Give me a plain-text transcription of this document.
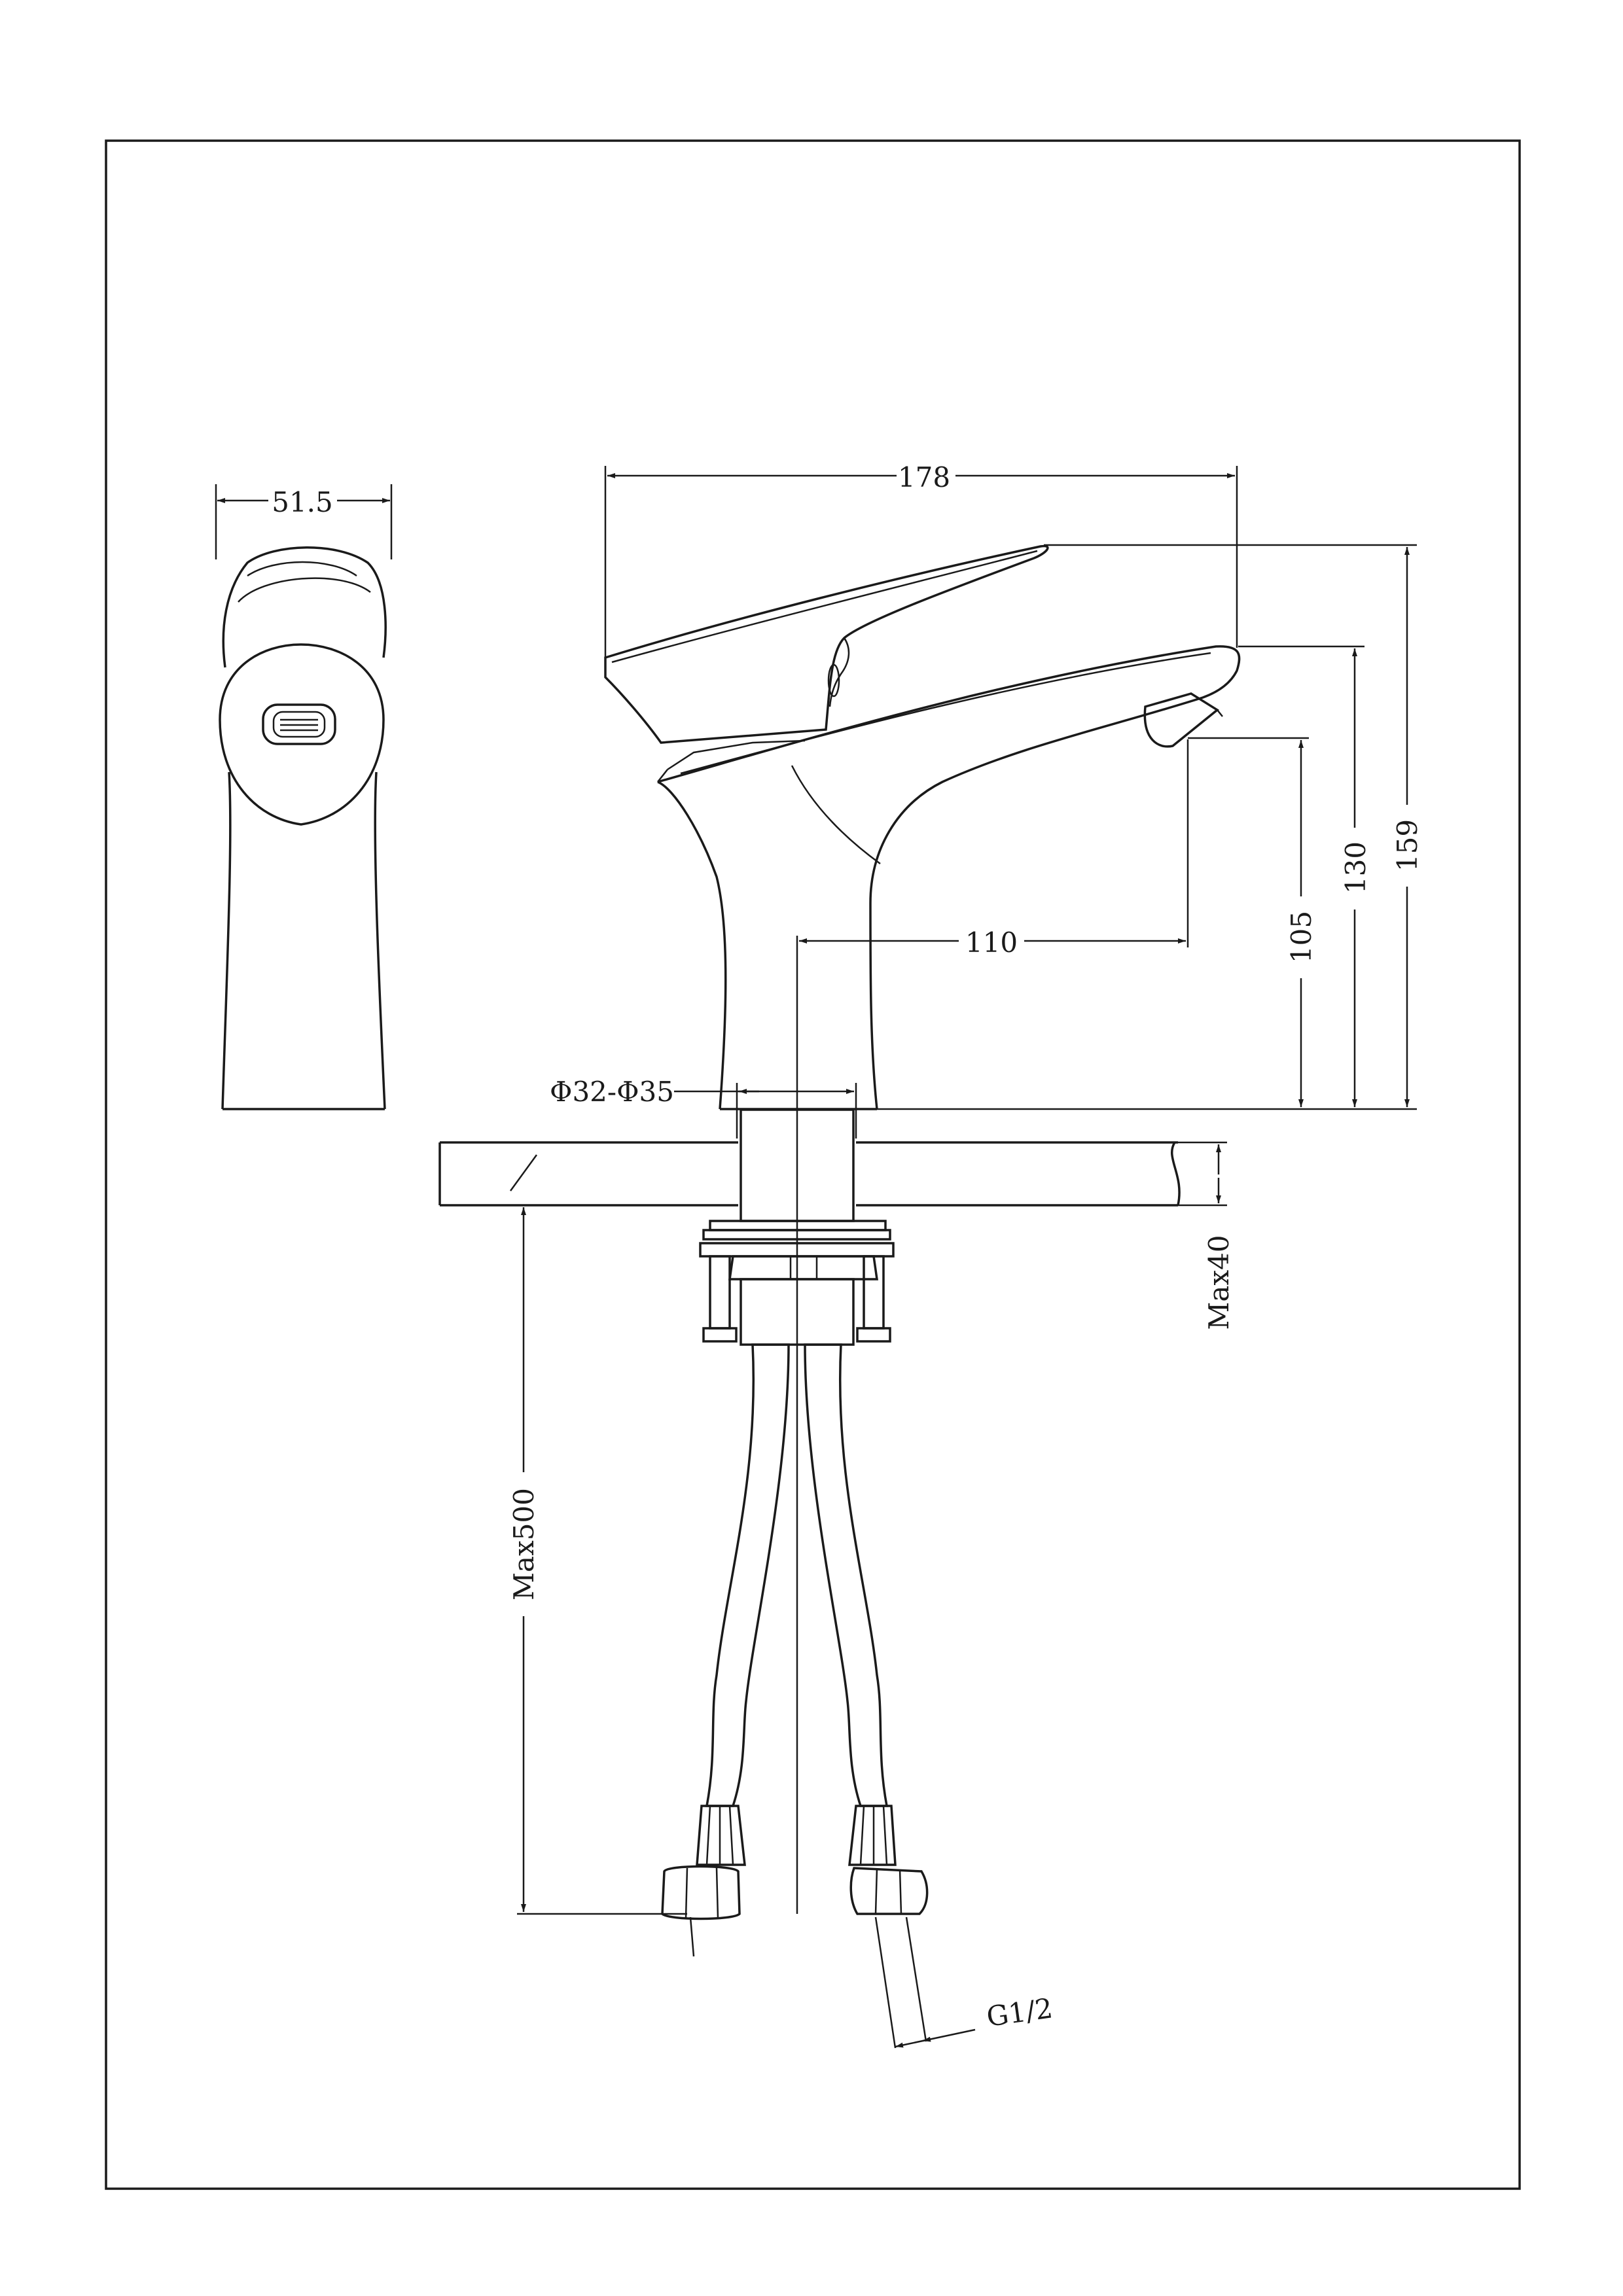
51.5
178
159
130
105
110
Φ32-Φ35
Max40
Max500
G1/2
